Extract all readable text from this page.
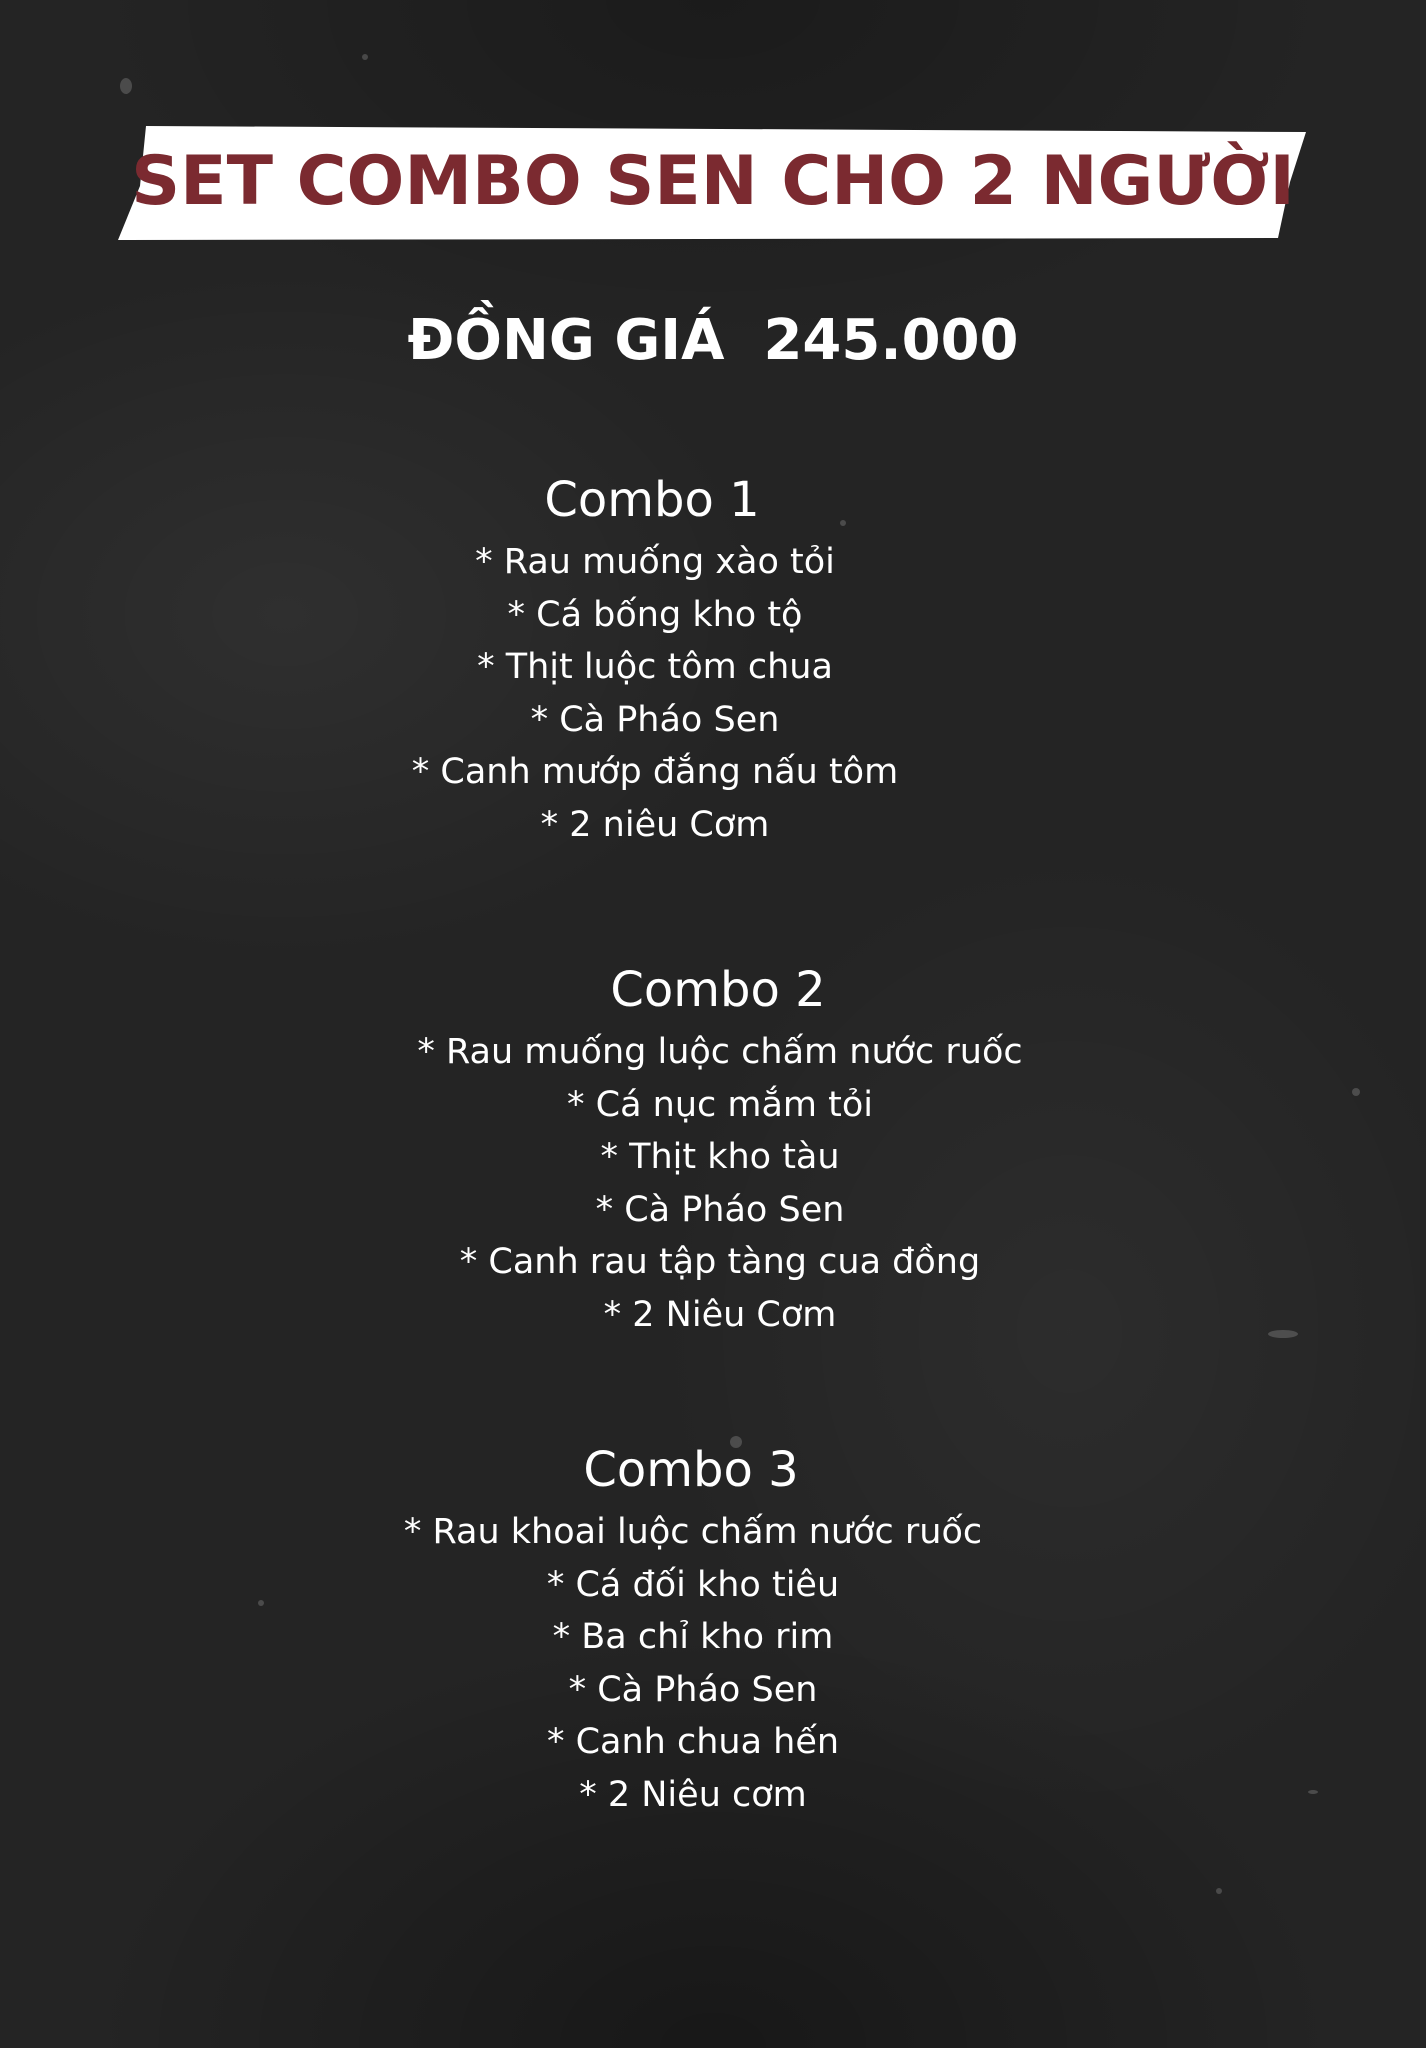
SET COMBO SEN CHO 2 NGƯỜI
ĐỒNG GIÁ  245.000
Combo 1
* Rau muống xào tỏi
* Cá bống kho tộ
* Thịt luộc tôm chua
* Cà Pháo Sen
* Canh mướp đắng nấu tôm
* 2 niêu Cơm
Combo 2
* Rau muống luộc chấm nước ruốc
* Cá nục mắm tỏi
* Thịt kho tàu
* Cà Pháo Sen
* Canh rau tập tàng cua đồng
* 2 Niêu Cơm
Combo 3
* Rau khoai luộc chấm nước ruốc
* Cá đối kho tiêu
* Ba chỉ kho rim
* Cà Pháo Sen
* Canh chua hến
* 2 Niêu cơm
